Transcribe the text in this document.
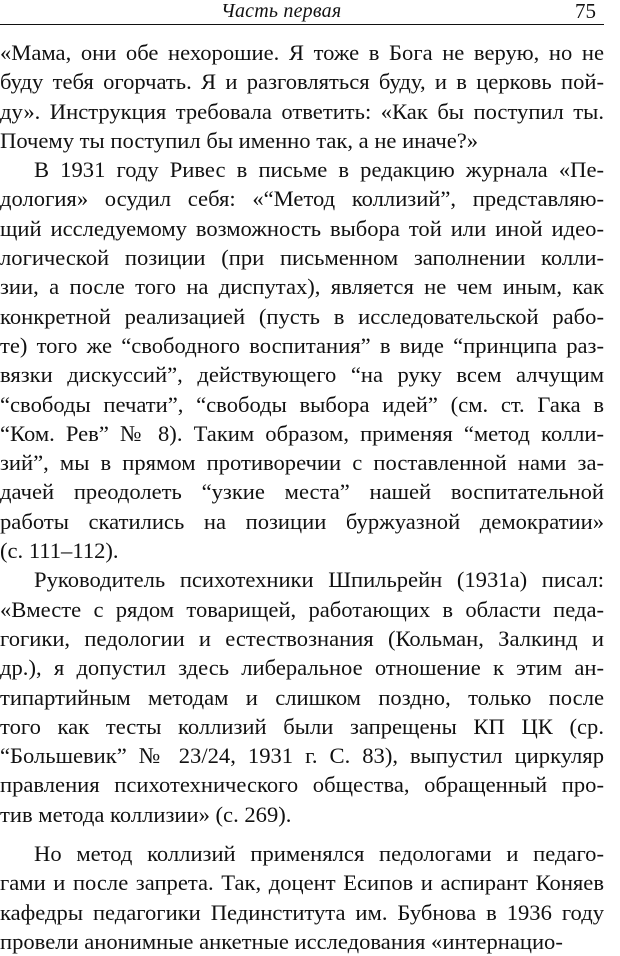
Часть первая	75
«Мама, они обе нехорошие. Я тоже в Бога не верую, но не
буду тебя огорчать. Я и разговляться буду, и в церковь пой-
ду». Инструкция требовала ответить: «Как бы поступил ты.
Почему ты поступил бы именно так, а не иначе?»
В 1931 году Ривес в письме в редакцию журнала «Пе-
дология» осудил себя: «“Метод коллизий”, представляю-
щий исследуемому возможность выбора той или иной идео-
логической позиции (при письменном заполнении колли-
зии, а после того на диспутах), является не чем иным, как
конкретной реализацией (пусть в исследовательской рабо-
те) того же “свободного воспитания” в виде “принципа раз-
вязки дискуссий”, действующего “на руку всем алчущим
“свободы печати”, “свободы выбора идей” (см. ст. Гака в
“Ком. Рев” № 8). Таким образом, применяя “метод колли-
зий”, мы в прямом противоречии с поставленной нами за-
дачей преодолеть “узкие места” нашей воспитательной
работы скатились на позиции буржуазной демократии»
(с. 111–112).
Руководитель психотехники Шпильрейн (1931а) писал:
«Вместе с рядом товарищей, работающих в области педа-
гогики, педологии и естествознания (Кольман, Залкинд и
др.), я допустил здесь либеральное отношение к этим ан-
типартийным методам и слишком поздно, только после
того как тесты коллизий были запрещены КП ЦК (ср.
“Большевик” № 23/24, 1931 г. С. 83), выпустил циркуляр
правления психотехнического общества, обращенный про-
тив метода коллизии» (с. 269).
Но метод коллизий применялся педологами и педаго-
гами и после запрета. Так, доцент Есипов и аспирант Коняев
кафедры педагогики Пединститута им. Бубнова в 1936 году
провели анонимные анкетные исследования «интернацио-
